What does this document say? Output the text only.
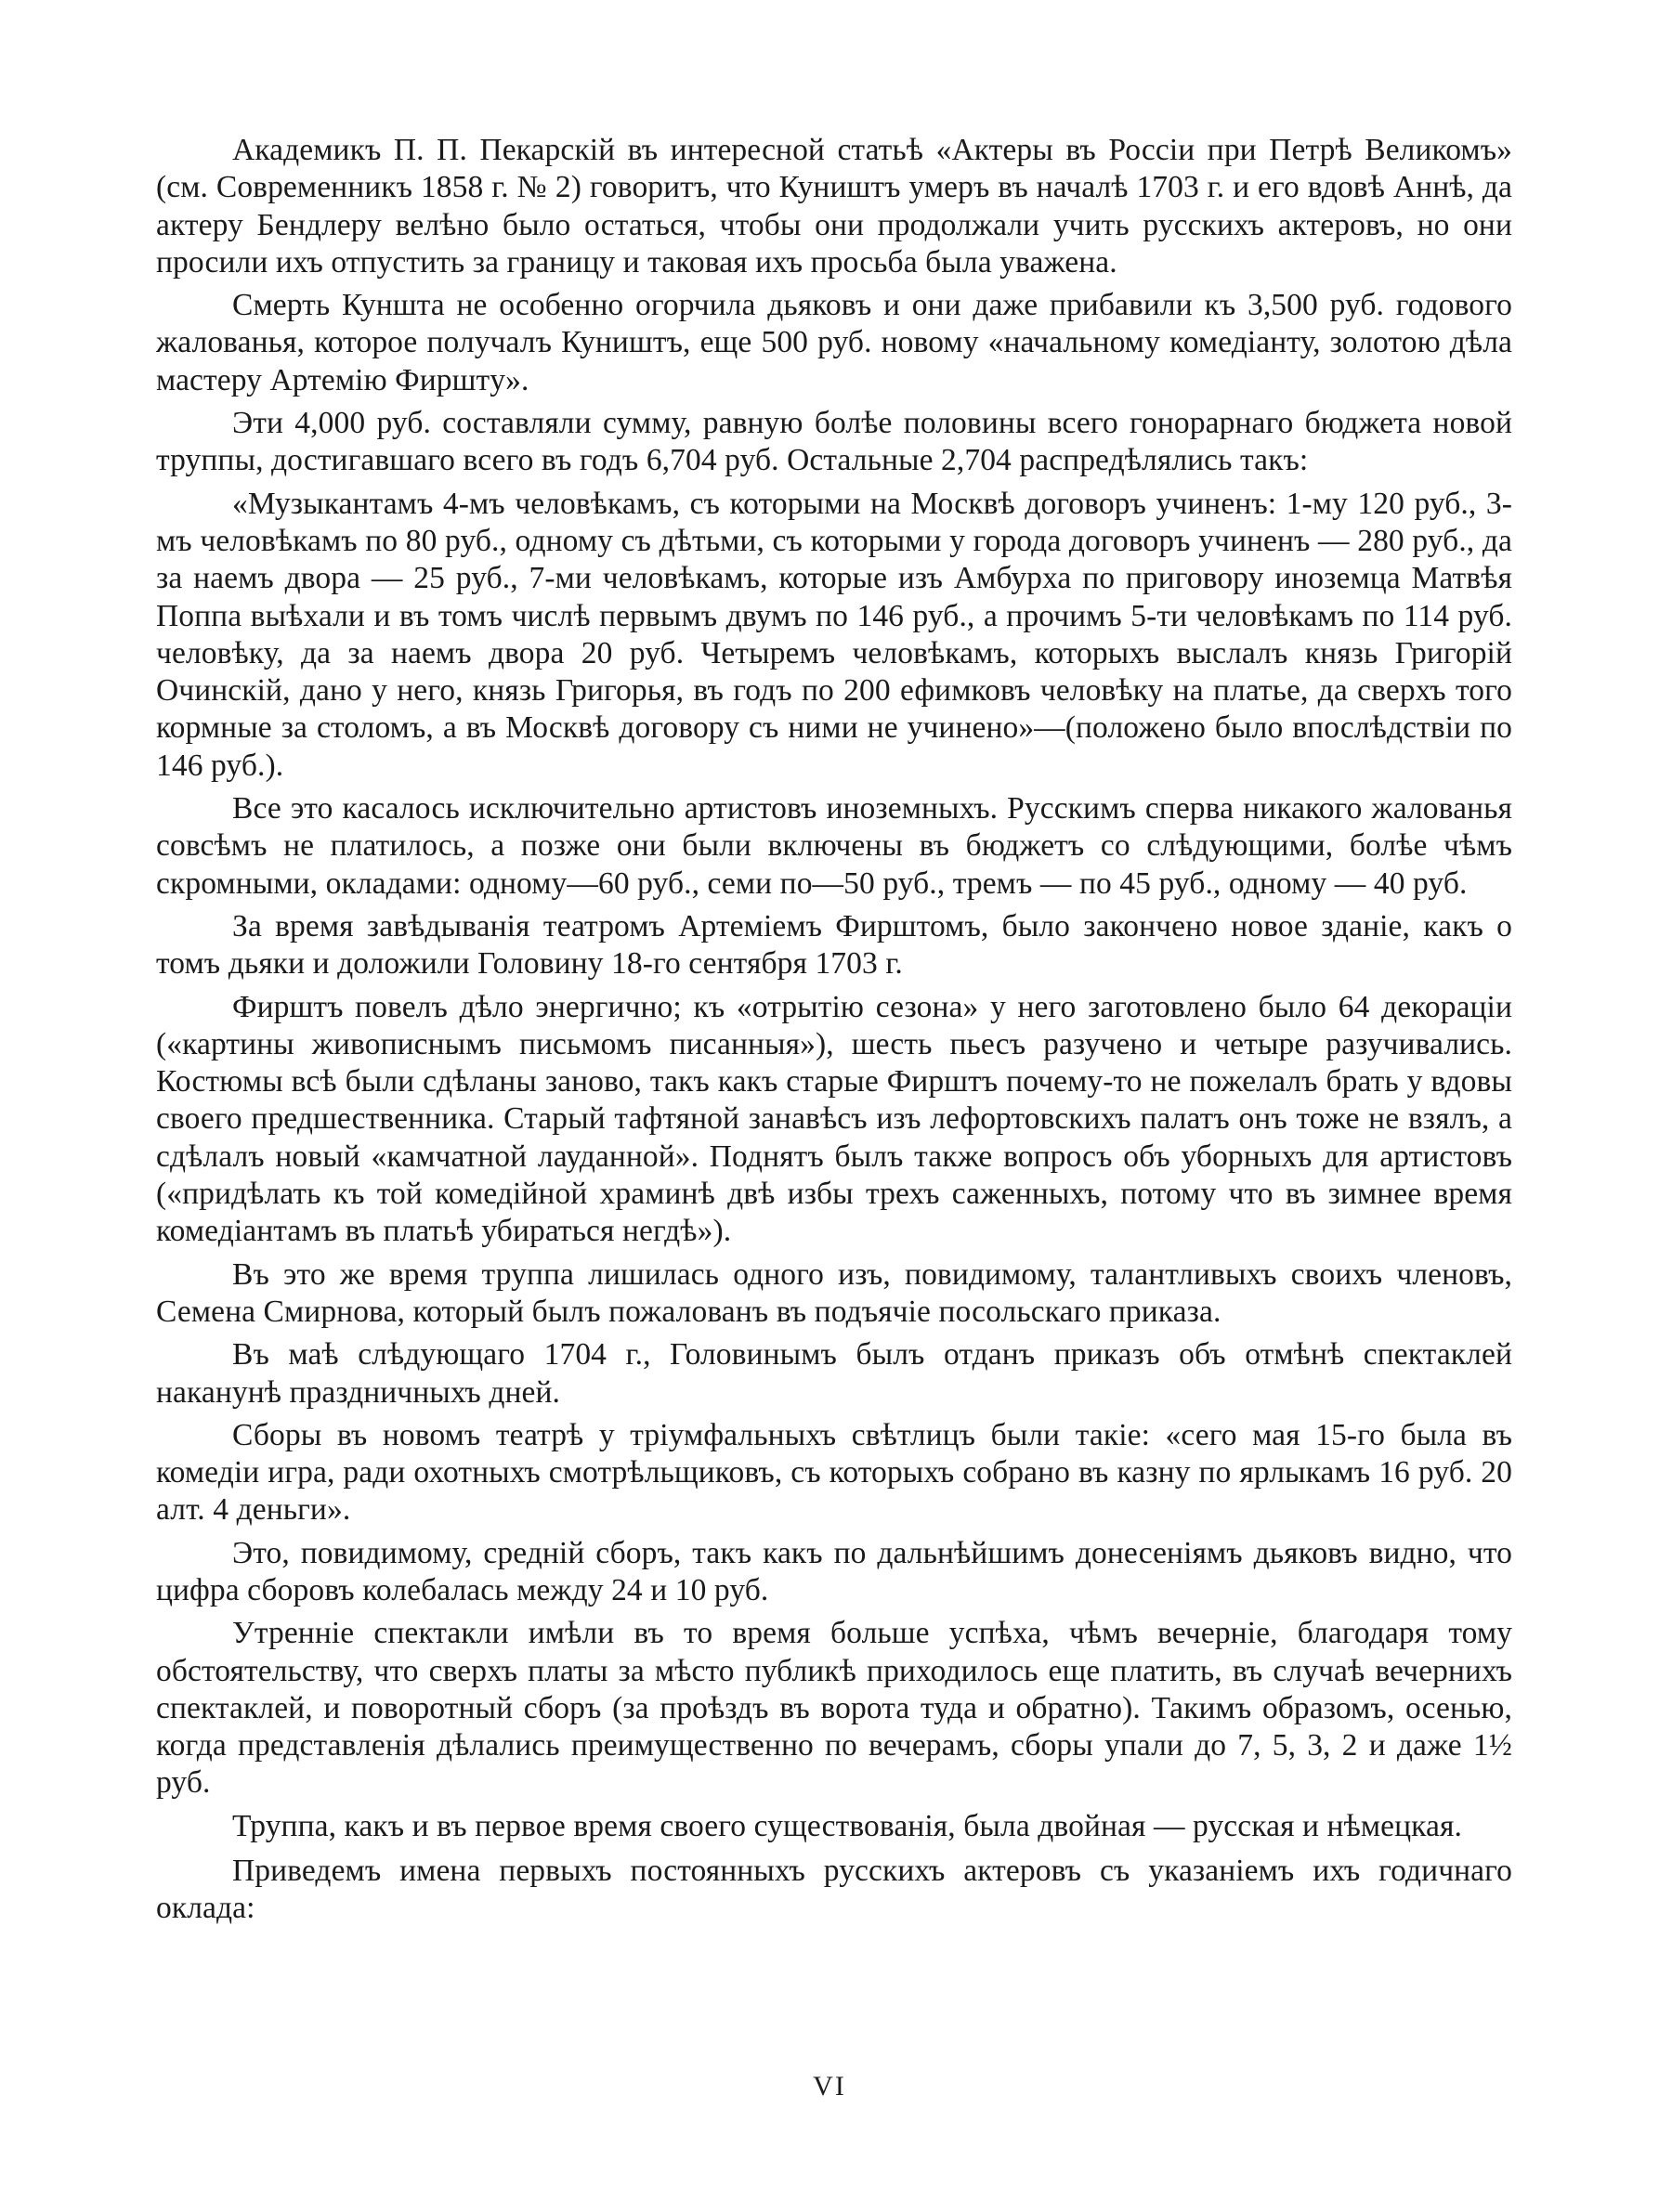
Академикъ П. П. Пекарскій въ интересной статьѣ «Актеры въ Россіи при Петрѣ Великомъ» (см. Современникъ 1858 г. № 2) говоритъ, что Куништъ умеръ въ началѣ 1703 г. и его вдовѣ Аннѣ, да актеру Бендлеру велѣно было остаться, чтобы они продолжали учить русскихъ актеровъ, но они просили ихъ отпустить за границу и таковая ихъ просьба была уважена.

Смерть Куншта не особенно огорчила дьяковъ и они даже прибавили къ 3,500 руб. годового жалованья, которое получалъ Куништъ, еще 500 руб. новому «начальному комедіанту, золотою дѣла мастеру Артемію Фирштy».

Эти 4,000 руб. составляли сумму, равную болѣе половины всего гонорарнаго бюджета новой труппы, достигавшаго всего въ годъ 6,704 руб. Остальные 2,704 распредѣлялись такъ:

«Музыкантамъ 4-мъ человѣкамъ, съ которыми на Москвѣ договоръ учиненъ: 1-му 120 руб., 3-мъ человѣкамъ по 80 руб., одному съ дѣтьми, съ которыми у города договоръ учиненъ — 280 руб., да за наемъ двора — 25 руб., 7-ми человѣкамъ, которые изъ Амбурха по приговору иноземца Матвѣя Поппа выѣхали и въ томъ числѣ первымъ двумъ по 146 руб., а прочимъ 5-ти человѣкамъ по 114 руб. человѣку, да за наемъ двора 20 руб. Четыремъ человѣкамъ, которыхъ выслалъ князь Григорій Очинскій, дано у него, князь Григорья, въ годъ по 200 ефимковъ человѣку на платье, да сверхъ того кормные за столомъ, а въ Москвѣ договору съ ними не учинено»—(положено было впослѣдствіи по 146 руб.).

Все это касалось исключительно артистовъ иноземныхъ. Русскимъ сперва никакого жалованья совсѣмъ не платилось, а позже они были включены въ бюджетъ со слѣдующими, болѣе чѣмъ скромными, окладами: одному—60 руб., семи по—50 руб., тремъ — по 45 руб., одному — 40 руб.

За время завѣдыванія театромъ Артеміемъ Фирштомъ, было закончено новое зданіе, какъ о томъ дьяки и доложили Головину 18-го сентября 1703 г.

Фирштъ повелъ дѣло энергично; къ «отрытію сезона» у него заготовлено было 64 декораціи («картины живописнымъ письмомъ писанныя»), шесть пьесъ разучено и четыре разучивались. Костюмы всѣ были сдѣланы заново, такъ какъ старые Фирштъ почему-то не пожелалъ брать у вдовы своего предшественника. Старый тафтяной занавѣсъ изъ лефортовскихъ палатъ онъ тоже не взялъ, а сдѣлалъ новый «камчатной лауданной». Поднятъ былъ также вопросъ объ уборныхъ для артистовъ («придѣлать къ той комедійной храминѣ двѣ избы трехъ саженныхъ, потому что въ зимнее время комедіантамъ въ платьѣ убираться негдѣ»).

Въ это же время труппа лишилась одного изъ, повидимому, талантливыхъ своихъ членовъ, Семена Смирнова, который былъ пожалованъ въ подъячіе посольскаго приказа.

Въ маѣ слѣдующаго 1704 г., Головинымъ былъ отданъ приказъ объ отмѣнѣ спектаклей наканунѣ праздничныхъ дней.

Сборы въ новомъ театрѣ у тріумфальныхъ свѣтлицъ были такіе: «сего мая 15-го была въ комедіи игра, ради охотныхъ смотрѣльщиковъ, съ которыхъ собрано въ казну по ярлыкамъ 16 руб. 20 алт. 4 деньги».

Это, повидимому, средній сборъ, такъ какъ по дальнѣйшимъ донесеніямъ дьяковъ видно, что цифра сборовъ колебалась между 24 и 10 руб.

Утренніе спектакли имѣли въ то время больше успѣха, чѣмъ вечерніе, благодаря тому обстоятельству, что сверхъ платы за мѣсто публикѣ приходилось еще платить, въ случаѣ вечернихъ спектаклей, и поворотный сборъ (за проѣздъ въ ворота туда и обратно). Такимъ образомъ, осенью, когда представленія дѣлались преимущественно по вечерамъ, сборы упали до 7, 5, 3, 2 и даже 1½ руб.

Труппа, какъ и въ первое время своего существованія, была двойная — русская и нѣмецкая.

Приведемъ имена первыхъ постоянныхъ русскихъ актеровъ съ указаніемъ ихъ годичнаго оклада:

VI
